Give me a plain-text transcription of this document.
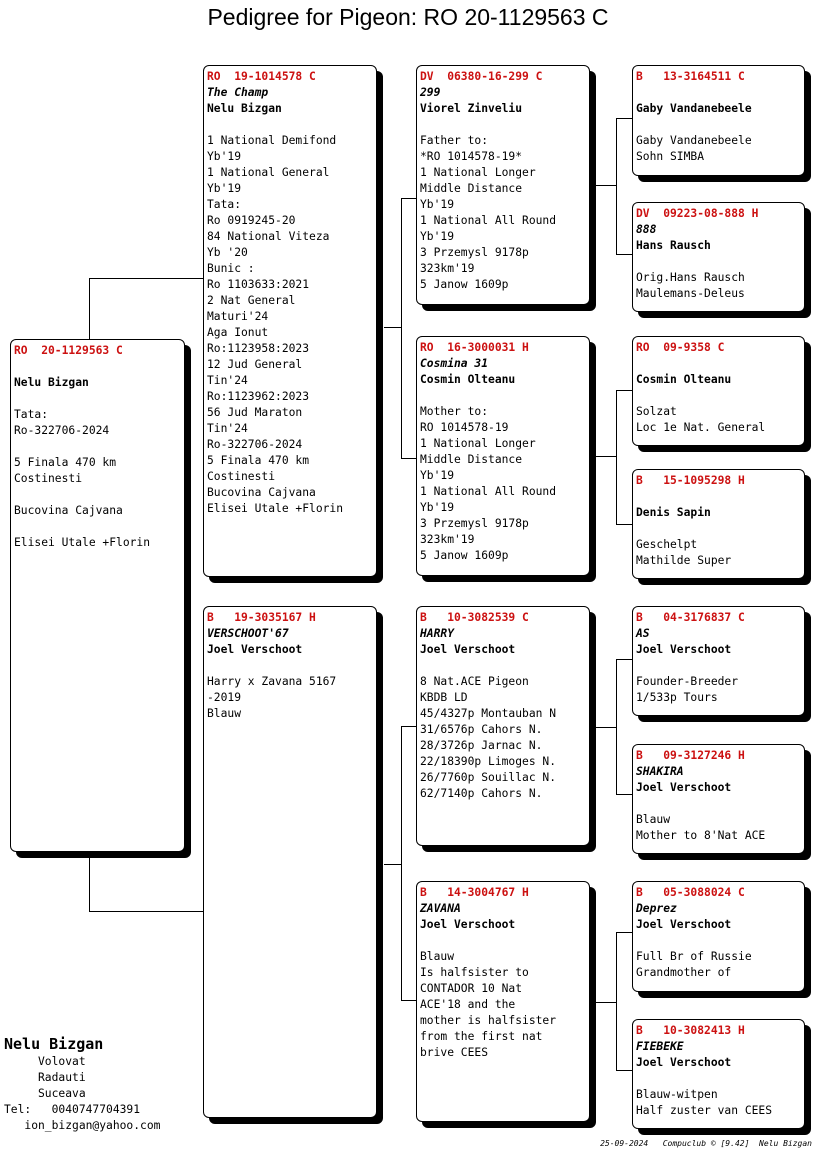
Pedigree for Pigeon: RO 20-1129563 C
RO  20-1129563 C
Nelu Bizgan
Tata:
Ro-322706-2024
5 Finala 470 km
Costinesti
Bucovina Cajvana
Elisei Utale +Florin
RO  19-1014578 C
The Champ
Nelu Bizgan
1 National Demifond
Yb'19
1 National General
Yb'19
Tata:
Ro 0919245-20
84 National Viteza
Yb '20
Bunic :
Ro 1103633:2021
2 Nat General
Maturi'24
Aga Ionut
Ro:1123958:2023
12 Jud General
Tin'24
Ro:1123962:2023
56 Jud Maraton
Tin'24
Ro-322706-2024
5 Finala 470 km
Costinesti
Bucovina Cajvana
Elisei Utale +Florin
B   19-3035167 H
VERSCHOOT'67
Joel Verschoot
Harry x Zavana 5167
-2019
Blauw
DV  06380-16-299 C
299
Viorel Zinveliu
Father to:
*RO 1014578-19*
1 National Longer
Middle Distance
Yb'19
1 National All Round
Yb'19
3 Przemysl 9178p
323km'19
5 Janow 1609p
RO  16-3000031 H
Cosmina 31
Cosmin Olteanu
Mother to:
RO 1014578-19
1 National Longer
Middle Distance
Yb'19
1 National All Round
Yb'19
3 Przemysl 9178p
323km'19
5 Janow 1609p
B   10-3082539 C
HARRY
Joel Verschoot
8 Nat.ACE Pigeon
KBDB LD
45/4327p Montauban N
31/6576p Cahors N.
28/3726p Jarnac N.
22/18390p Limoges N.
26/7760p Souillac N.
62/7140p Cahors N.
B   14-3004767 H
ZAVANA
Joel Verschoot
Blauw
Is halfsister to
CONTADOR 10 Nat
ACE'18 and the
mother is halfsister
from the first nat
brive CEES
B   13-3164511 C
Gaby Vandanebeele
Gaby Vandanebeele
Sohn SIMBA
DV  09223-08-888 H
888
Hans Rausch
Orig.Hans Rausch
Maulemans-Deleus
RO  09-9358 C
Cosmin Olteanu
Solzat
Loc 1e Nat. General
B   15-1095298 H
Denis Sapin
Geschelpt
Mathilde Super
B   04-3176837 C
AS
Joel Verschoot
Founder-Breeder
1/533p Tours
B   09-3127246 H
SHAKIRA
Joel Verschoot
Blauw
Mother to 8'Nat ACE
B   05-3088024 C
Deprez
Joel Verschoot
Full Br of Russie
Grandmother of
B   10-3082413 H
FIEBEKE
Joel Verschoot
Blauw-witpen
Half zuster van CEES
Nelu Bizgan
Volovat
Radauti
Suceava
Tel:   0040747704391
ion_bizgan@yahoo.com
25-09-2024   Compuclub © [9.42]  Nelu Bizgan
